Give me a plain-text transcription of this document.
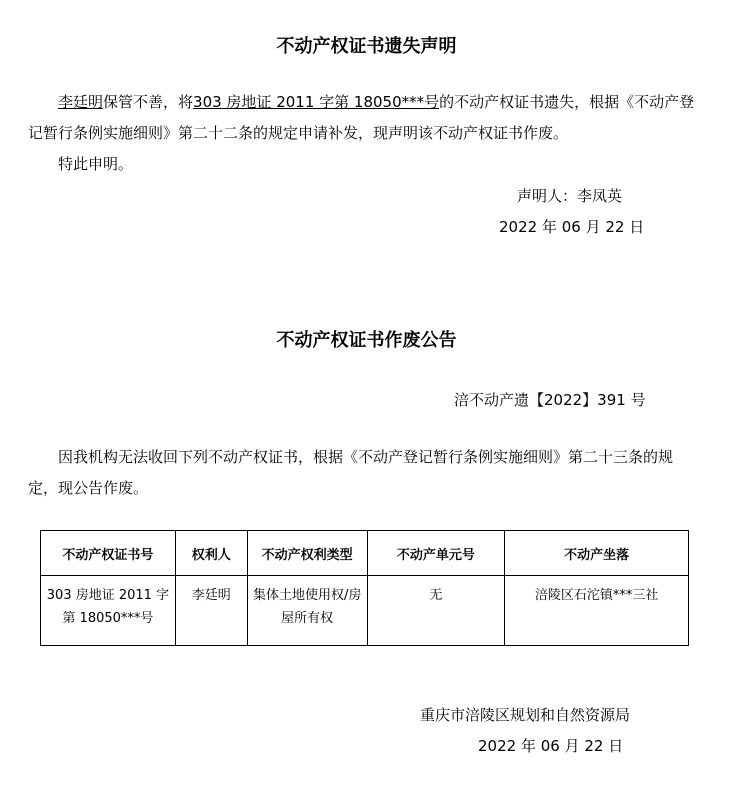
不动产权证书遗失声明

李廷明保管不善，将303 房地证 2011 字第 18050***号的不动产权证书遗失，根据《不动产登记暂行条例实施细则》第二十二条的规定申请补发，现声明该不动产权证书作废。

特此申明。

声明人：李凤英
2022 年 06 月 22 日
不动产权证书作废公告
涪不动产遗【2022】391 号

因我机构无法收回下列不动产权证书，根据《不动产登记暂行条例实施细则》第二十三条的规定，现公告作废。

不动产权证书号	权利人	不动产权利类型	不动产单元号	不动产坐落
303 房地证 2011 字第 18050***号	李廷明	集体土地使用权/房屋所有权	无	涪陵区石沱镇***三社
重庆市涪陵区规划和自然资源局
2022 年 06 月 22 日
